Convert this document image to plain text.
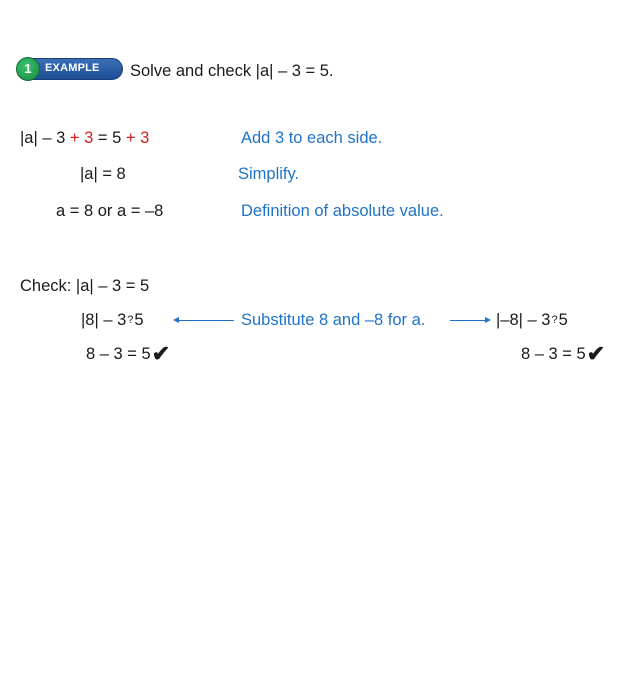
EXAMPLE
1	Solve and check |a| – 3 = 5.
|a| – 3 + 3 = 5 + 3	Add 3 to each side.
|a| = 8	Simplify.
a = 8 or a = –8	Definition of absolute value.
Check: |a| – 3 = 5
|8| – 3?5	Substitute 8 and –8 for a.	|–8| – 3?5
8 – 3 = 5✔	8 – 3 = 5✔
